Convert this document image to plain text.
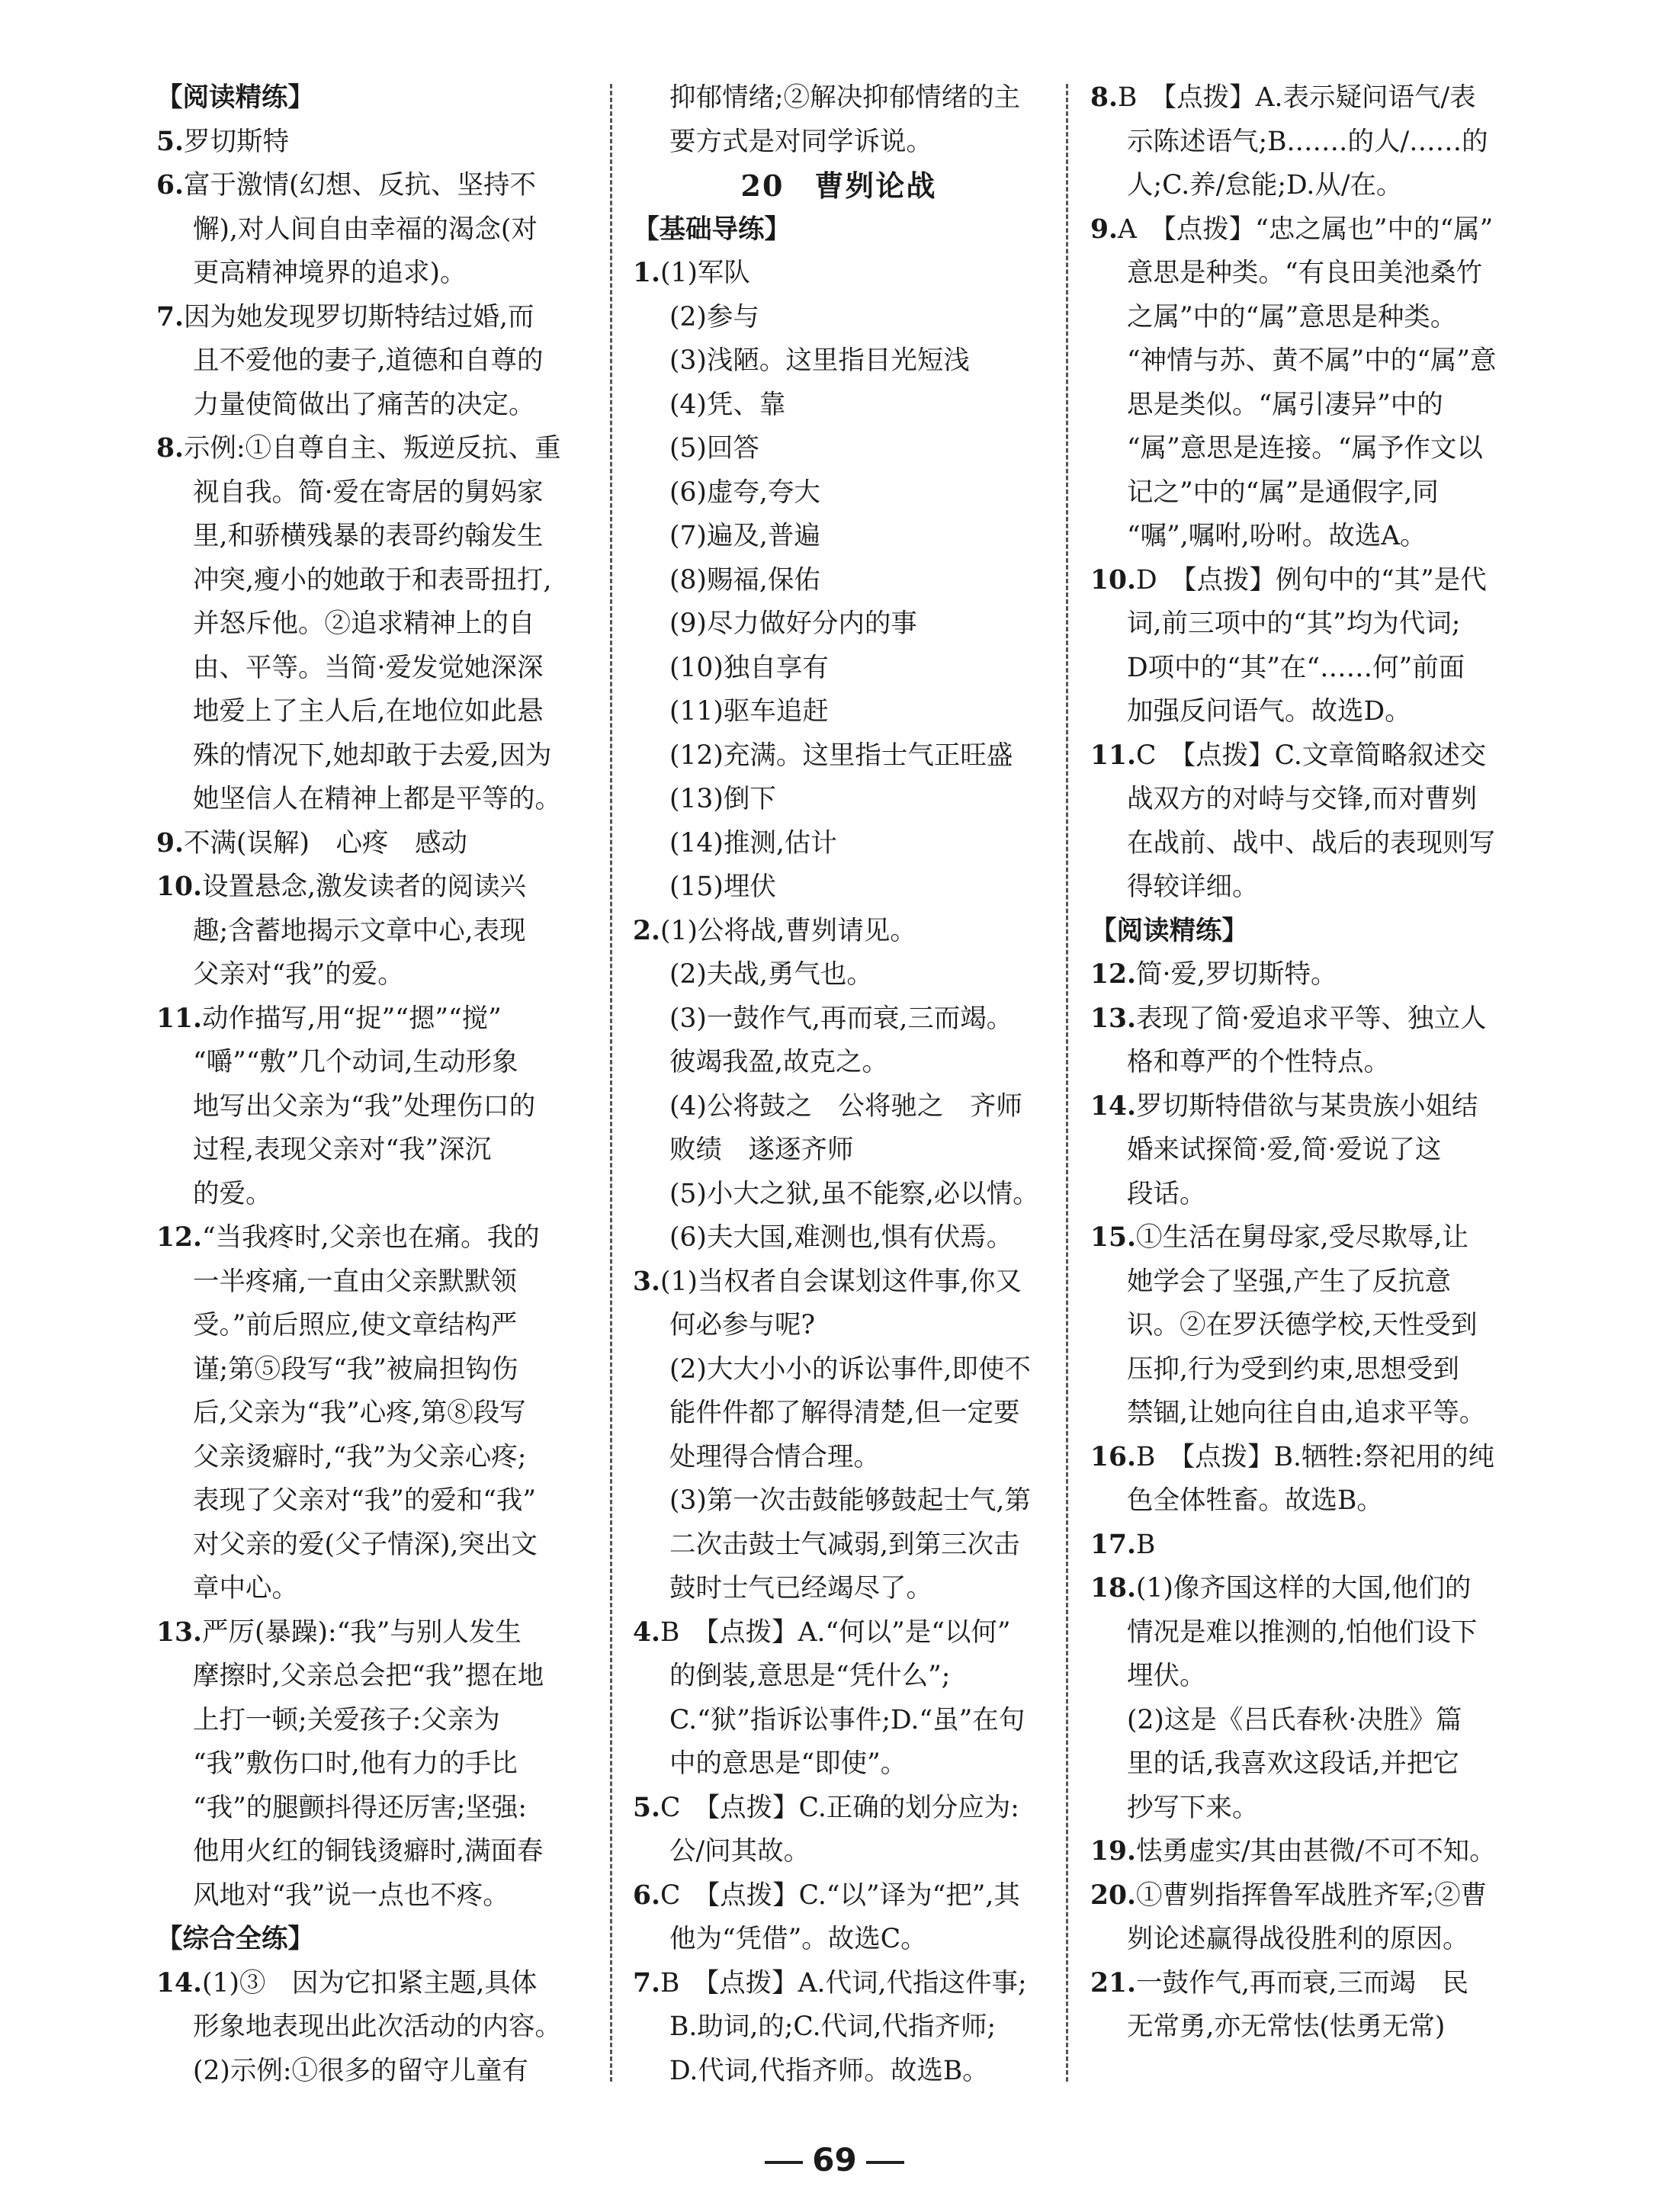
【阅读精练】
5.罗切斯特
6.富于激情(幻想、反抗、坚持不
懈),对人间自由幸福的渴念(对
更高精神境界的追求)。
7.因为她发现罗切斯特结过婚,而
且不爱他的妻子,道德和自尊的
力量使简做出了痛苦的决定。
8.示例:①自尊自主、叛逆反抗、重
视自我。简·爱在寄居的舅妈家
里,和骄横残暴的表哥约翰发生
冲突,瘦小的她敢于和表哥扭打,
并怒斥他。②追求精神上的自
由、平等。当简·爱发觉她深深
地爱上了主人后,在地位如此悬
殊的情况下,她却敢于去爱,因为
她坚信人在精神上都是平等的。
9.不满(误解)　心疼　感动
10.设置悬念,激发读者的阅读兴
趣;含蓄地揭示文章中心,表现
父亲对“我”的爱。
11.动作描写,用“捉”“摁”“搅”
“嚼”“敷”几个动词,生动形象
地写出父亲为“我”处理伤口的
过程,表现父亲对“我”深沉
的爱。
12.“当我疼时,父亲也在痛。我的
一半疼痛,一直由父亲默默领
受。”前后照应,使文章结构严
谨;第⑤段写“我”被扁担钩伤
后,父亲为“我”心疼,第⑧段写
父亲烫癖时,“我”为父亲心疼;
表现了父亲对“我”的爱和“我”
对父亲的爱(父子情深),突出文
章中心。
13.严厉(暴躁):“我”与别人发生
摩擦时,父亲总会把“我”摁在地
上打一顿;关爱孩子:父亲为
“我”敷伤口时,他有力的手比
“我”的腿颤抖得还厉害;坚强:
他用火红的铜钱烫癖时,满面春
风地对“我”说一点也不疼。
【综合全练】
14.(1)③　因为它扣紧主题,具体
形象地表现出此次活动的内容。
(2)示例:①很多的留守儿童有
抑郁情绪;②解决抑郁情绪的主
要方式是对同学诉说。
20　曹刿论战
【基础导练】
1.(1)军队
(2)参与
(3)浅陋。这里指目光短浅
(4)凭、靠
(5)回答
(6)虚夸,夸大
(7)遍及,普遍
(8)赐福,保佑
(9)尽力做好分内的事
(10)独自享有
(11)驱车追赶
(12)充满。这里指士气正旺盛
(13)倒下
(14)推测,估计
(15)埋伏
2.(1)公将战,曹刿请见。
(2)夫战,勇气也。
(3)一鼓作气,再而衰,三而竭。
彼竭我盈,故克之。
(4)公将鼓之　公将驰之　齐师
败绩　遂逐齐师
(5)小大之狱,虽不能察,必以情。
(6)夫大国,难测也,惧有伏焉。
3.(1)当权者自会谋划这件事,你又
何必参与呢?
(2)大大小小的诉讼事件,即使不
能件件都了解得清楚,但一定要
处理得合情合理。
(3)第一次击鼓能够鼓起士气,第
二次击鼓士气减弱,到第三次击
鼓时士气已经竭尽了。
4.B　【点拨】A.“何以”是“以何”
的倒装,意思是“凭什么”;
C.“狱”指诉讼事件;D.“虽”在句
中的意思是“即使”。
5.C　【点拨】C.正确的划分应为:
公/问其故。
6.C　【点拨】C.“以”译为“把”,其
他为“凭借”。故选C。
7.B　【点拨】A.代词,代指这件事;
B.助词,的;C.代词,代指齐师;
D.代词,代指齐师。故选B。
8.B　【点拨】A.表示疑问语气/表
示陈述语气;B.……的人/……的
人;C.养/怠能;D.从/在。
9.A　【点拨】“忠之属也”中的“属”
意思是种类。“有良田美池桑竹
之属”中的“属”意思是种类。
“神情与苏、黄不属”中的“属”意
思是类似。“属引凄异”中的
“属”意思是连接。“属予作文以
记之”中的“属”是通假字,同
“嘱”,嘱咐,吩咐。故选A。
10.D　【点拨】例句中的“其”是代
词,前三项中的“其”均为代词;
D项中的“其”在“……何”前面
加强反问语气。故选D。
11.C　【点拨】C.文章简略叙述交
战双方的对峙与交锋,而对曹刿
在战前、战中、战后的表现则写
得较详细。
【阅读精练】
12.简·爱,罗切斯特。
13.表现了简·爱追求平等、独立人
格和尊严的个性特点。
14.罗切斯特借欲与某贵族小姐结
婚来试探简·爱,简·爱说了这
段话。
15.①生活在舅母家,受尽欺辱,让
她学会了坚强,产生了反抗意
识。②在罗沃德学校,天性受到
压抑,行为受到约束,思想受到
禁锢,让她向往自由,追求平等。
16.B　【点拨】B.牺牲:祭祀用的纯
色全体牲畜。故选B。
17.B
18.(1)像齐国这样的大国,他们的
情况是难以推测的,怕他们设下
埋伏。
(2)这是《吕氏春秋·决胜》篇
里的话,我喜欢这段话,并把它
抄写下来。
19.怯勇虚实/其由甚微/不可不知。
20.①曹刿指挥鲁军战胜齐军;②曹
刿论述赢得战役胜利的原因。
21.一鼓作气,再而衰,三而竭　民
无常勇,亦无常怯(怯勇无常)
69
